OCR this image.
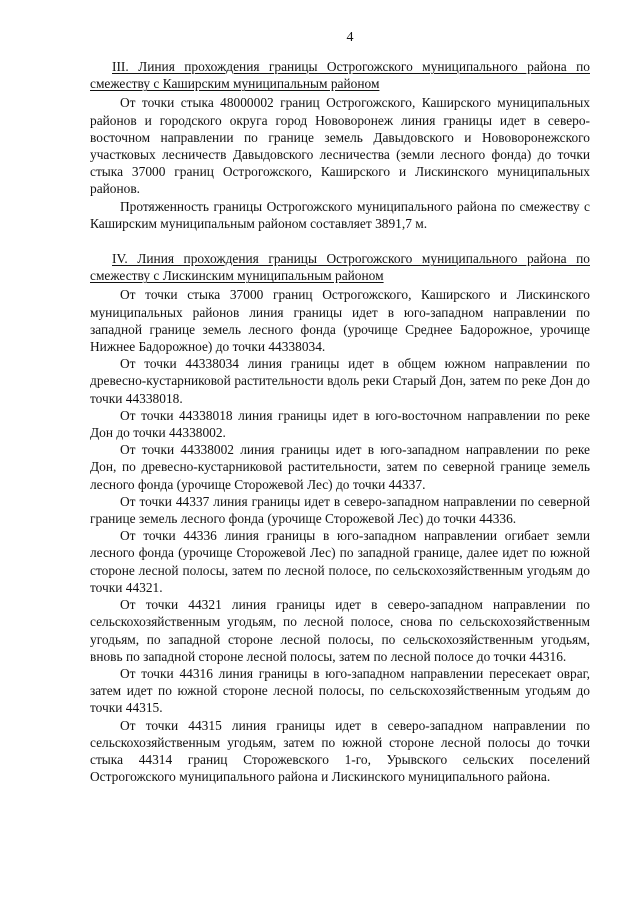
4

III. Линия прохождения границы Острогожского муниципального района по смежеству с Каширским муниципальным районом

От точки стыка 48000002 границ Острогожского, Каширского муниципальных районов и городского округа город Нововоронеж линия границы идет в северо-восточном направлении по границе земель Давыдовского и Нововоронежского участковых лесничеств Давыдовского лесничества (земли лесного фонда) до точки стыка 37000 границ Острогожского, Каширского и Лискинского муниципальных районов.

Протяженность границы Острогожского муниципального района по смежеству с Каширским муниципальным районом составляет 3891,7 м.

IV. Линия прохождения границы Острогожского муниципального района по смежеству с Лискинским муниципальным районом

От точки стыка 37000 границ Острогожского, Каширского и Лискинского муниципальных районов линия границы идет в юго-западном направлении по западной границе земель лесного фонда (урочище Среднее Бадорожное, урочище Нижнее Бадорожное) до точки 44338034.

От точки 44338034 линия границы идет в общем южном направлении по древесно-кустарниковой растительности вдоль реки Старый Дон, затем по реке Дон до точки 44338018.

От точки 44338018 линия границы идет в юго-восточном направлении по реке Дон до точки 44338002.

От точки 44338002 линия границы идет в юго-западном направлении по реке Дон, по древесно-кустарниковой растительности, затем по северной границе земель лесного фонда (урочище Сторожевой Лес) до точки 44337.

От точки 44337 линия границы идет в северо-западном направлении по северной границе земель лесного фонда (урочище Сторожевой Лес) до точки 44336.

От точки 44336 линия границы в юго-западном направлении огибает земли лесного фонда (урочище Сторожевой Лес) по западной границе, далее идет по южной стороне лесной полосы, затем по лесной полосе, по сельскохозяйственным угодьям до точки 44321.

От точки 44321 линия границы идет в северо-западном направлении по сельскохозяйственным угодьям, по лесной полосе, снова по сельскохозяйственным угодьям, по западной стороне лесной полосы, по сельскохозяйственным угодьям, вновь по западной стороне лесной полосы, затем по лесной полосе до точки 44316.

От точки 44316 линия границы в юго-западном направлении пересекает овраг, затем идет по южной стороне лесной полосы, по сельскохозяйственным угодьям до точки 44315.

От точки 44315 линия границы идет в северо-западном направлении по сельскохозяйственным угодьям, затем по южной стороне лесной полосы до точки стыка 44314 границ Сторожевского 1-го, Урывского сельских поселений Острогожского муниципального района и Лискинского муниципального района.
